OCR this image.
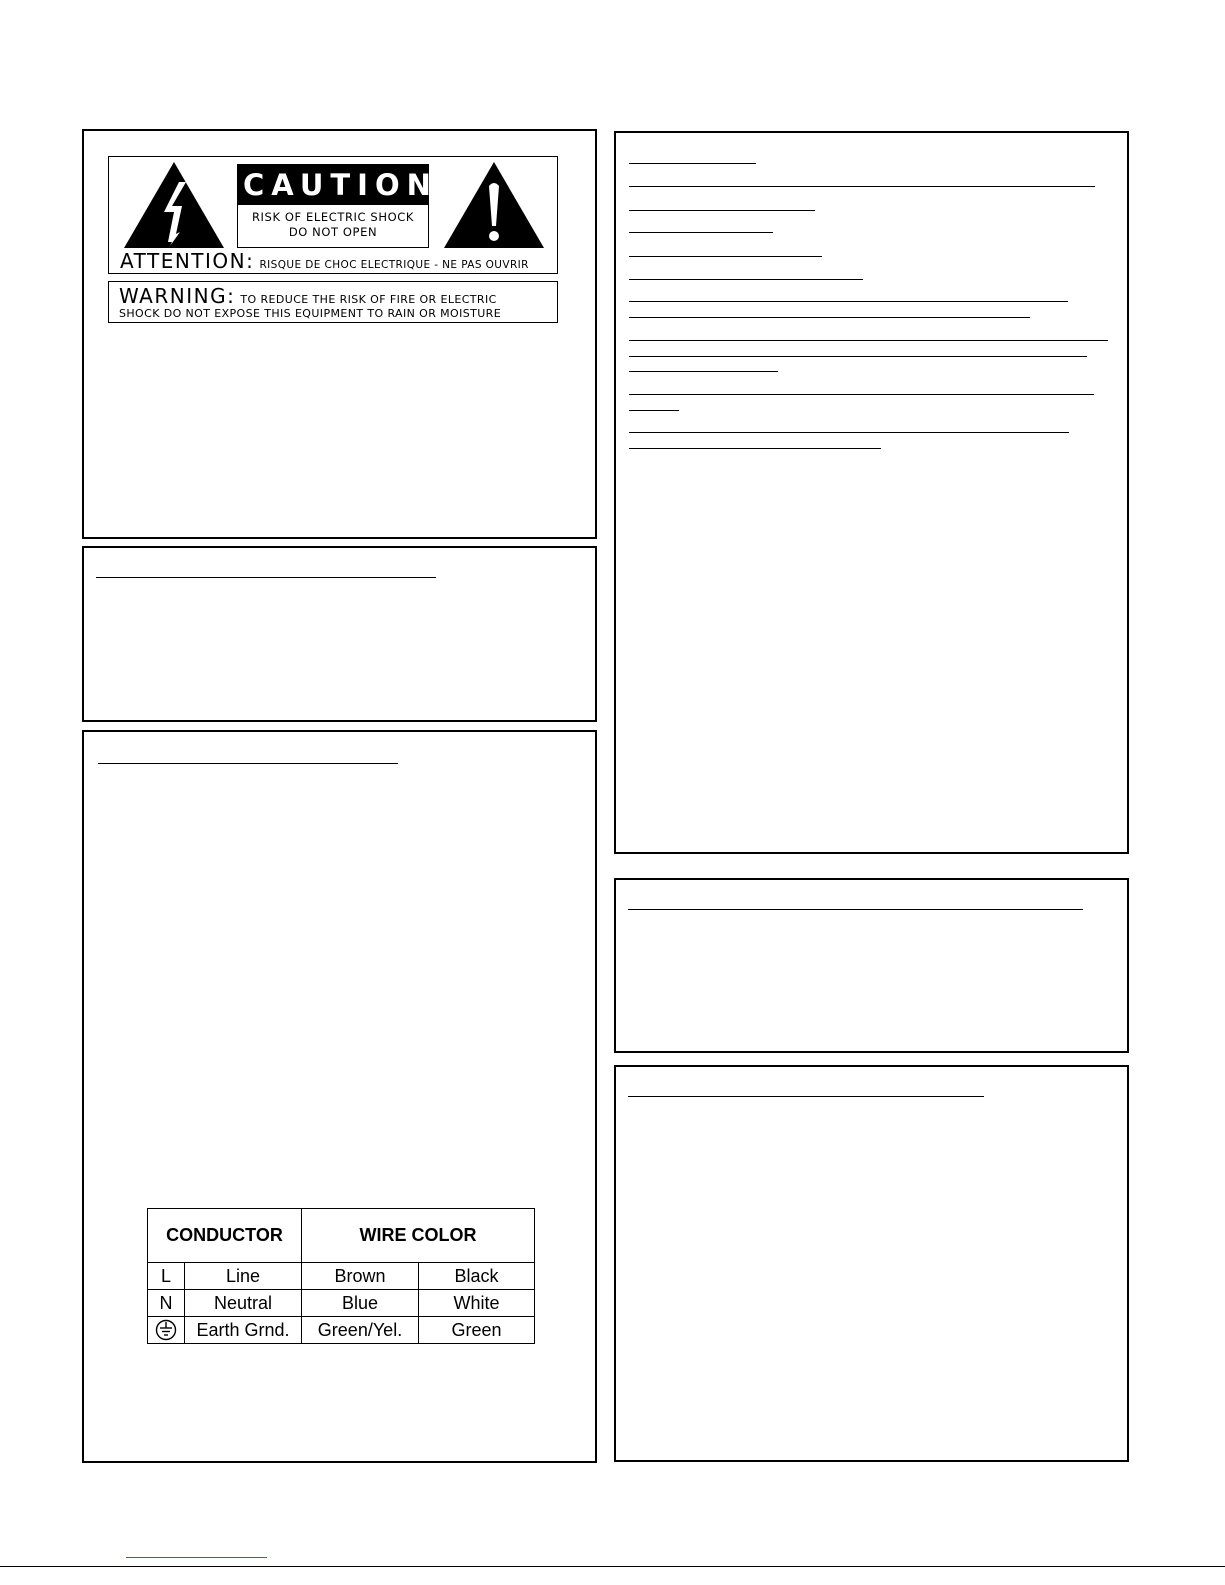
CAUTION
RISK OF ELECTRIC SHOCK
DO NOT OPEN
ATTENTION: RISQUE DE CHOC ELECTRIQUE - NE PAS OUVRIR
WARNING: TO REDUCE THE RISK OF FIRE OR ELECTRIC
SHOCK DO NOT EXPOSE THIS EQUIPMENT TO RAIN OR MOISTURE
CONDUCTOR		WIRE COLOR	
L	Line	Brown	Black
N	Neutral	Blue	White
	Earth Grnd.	Green/Yel.	Green
